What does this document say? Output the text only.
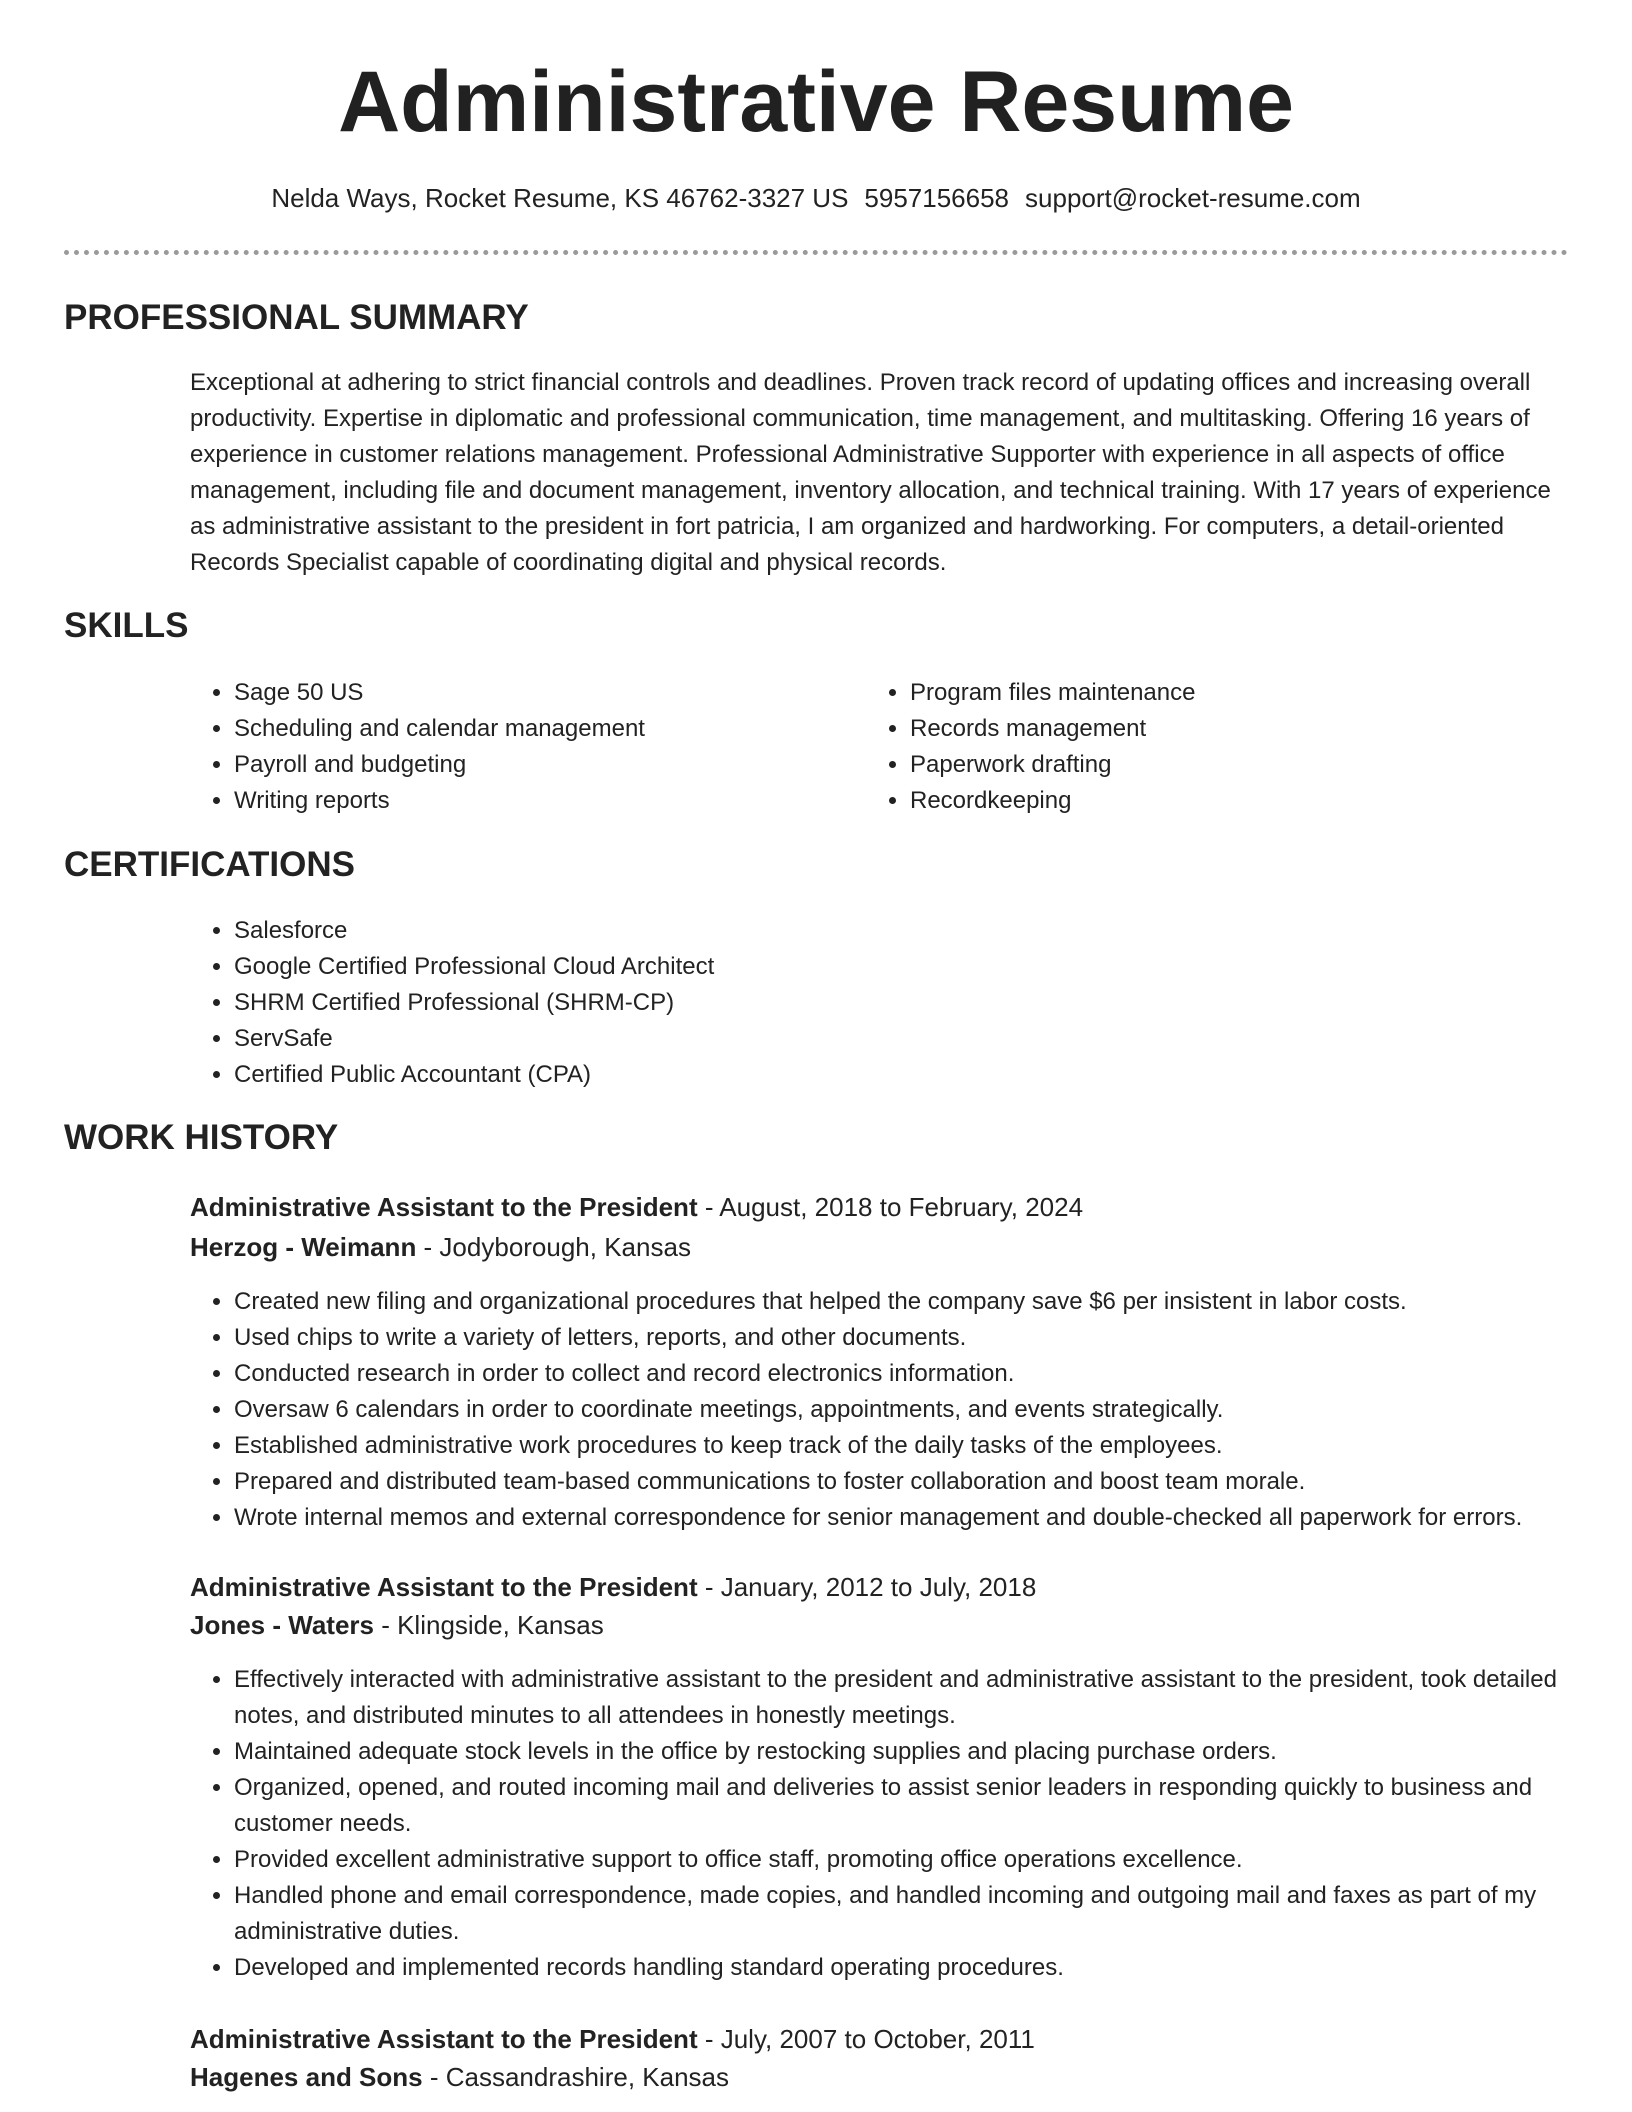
Administrative Resume
Nelda Ways, Rocket Resume, KS 46762-3327 US 5957156658 support@rocket-resume.com
PROFESSIONAL SUMMARY

Exceptional at adhering to strict financial controls and deadlines. Proven track record of updating offices and increasing overall productivity. Expertise in diplomatic and professional communication, time management, and multitasking. Offering 16 years of experience in customer relations management. Professional Administrative Supporter with experience in all aspects of office management, including file and document management, inventory allocation, and technical training. With 17 years of experience as administrative assistant to the president in fort patricia, I am organized and hardworking. For computers, a detail-oriented Records Specialist capable of coordinating digital and physical records.

SKILLS
• Sage 50 US
• Scheduling and calendar management
• Payroll and budgeting
• Writing reports
• Program files maintenance
• Records management
• Paperwork drafting
• Recordkeeping
CERTIFICATIONS
• Salesforce
• Google Certified Professional Cloud Architect
• SHRM Certified Professional (SHRM-CP)
• ServSafe
• Certified Public Accountant (CPA)
WORK HISTORY

Administrative Assistant to the President - August, 2018 to February, 2024

Herzog - Weimann - Jodyborough, Kansas

• Created new filing and organizational procedures that helped the company save $6 per insistent in labor costs.
• Used chips to write a variety of letters, reports, and other documents.
• Conducted research in order to collect and record electronics information.
• Oversaw 6 calendars in order to coordinate meetings, appointments, and events strategically.
• Established administrative work procedures to keep track of the daily tasks of the employees.
• Prepared and distributed team-based communications to foster collaboration and boost team morale.
• Wrote internal memos and external correspondence for senior management and double-checked all paperwork for errors.

Administrative Assistant to the President - January, 2012 to July, 2018

Jones - Waters - Klingside, Kansas

• Effectively interacted with administrative assistant to the president and administrative assistant to the president, took detailed notes, and distributed minutes to all attendees in honestly meetings.
• Maintained adequate stock levels in the office by restocking supplies and placing purchase orders.
• Organized, opened, and routed incoming mail and deliveries to assist senior leaders in responding quickly to business and customer needs.
• Provided excellent administrative support to office staff, promoting office operations excellence.
• Handled phone and email correspondence, made copies, and handled incoming and outgoing mail and faxes as part of my administrative duties.
• Developed and implemented records handling standard operating procedures.

Administrative Assistant to the President - July, 2007 to October, 2011

Hagenes and Sons - Cassandrashire, Kansas
